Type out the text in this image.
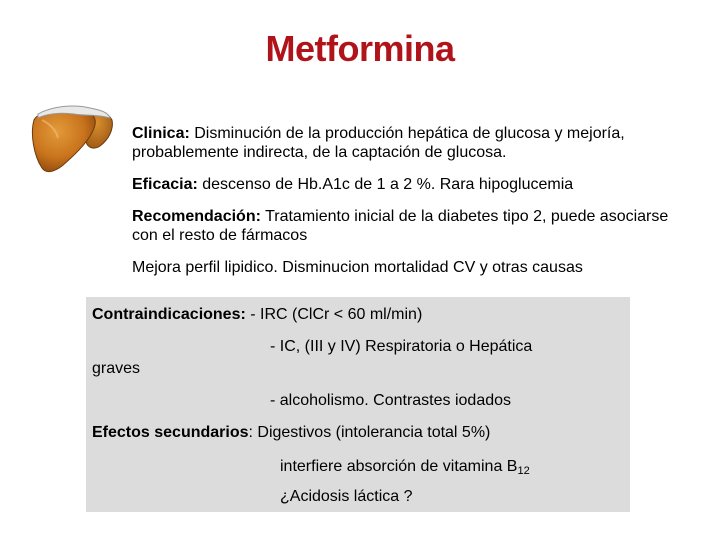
Metformina
Clinica: Disminución de la producción hepática de glucosa y mejoría, probablemente indirecta, de la captación de glucosa.
Eficacia: descenso de Hb.A1c de 1 a 2 %. Rara hipoglucemia
Recomendación: Tratamiento inicial de la diabetes tipo 2, puede asociarse con el resto de fármacos
Mejora perfil lipidico. Disminucion mortalidad CV y otras causas
Contraindicaciones: - IRC (ClCr < 60 ml/min)
- IC, (III y IV) Respiratoria o Hepática
graves
- alcoholismo. Contrastes iodados
Efectos secundarios: Digestivos (intolerancia total 5%)
interfiere absorción de vitamina $B_{12}$
¿Acidosis láctica ?
